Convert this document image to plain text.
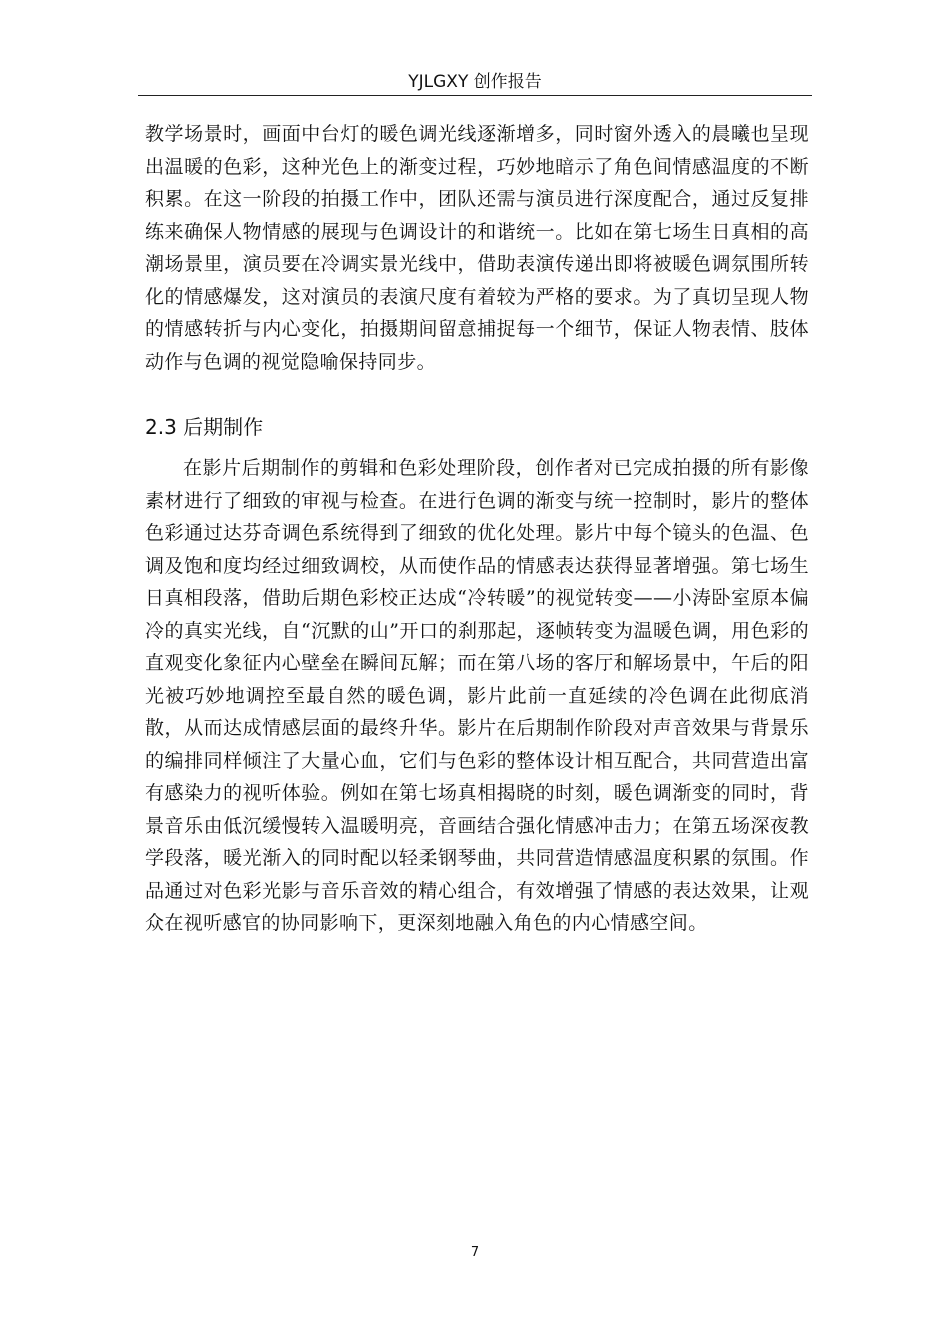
YJLGXY 创作报告

教学场景时，画面中台灯的暖色调光线逐渐增多，同时窗外透入的晨曦也呈现出温暖的色彩，这种光色上的渐变过程，巧妙地暗示了角色间情感温度的不断积累。在这一阶段的拍摄工作中，团队还需与演员进行深度配合，通过反复排练来确保人物情感的展现与色调设计的和谐统一。比如在第七场生日真相的高潮场景里，演员要在冷调实景光线中，借助表演传递出即将被暖色调氛围所转化的情感爆发，这对演员的表演尺度有着较为严格的要求。为了真切呈现人物的情感转折与内心变化，拍摄期间留意捕捉每一个细节，保证人物表情、肢体动作与色调的视觉隐喻保持同步。

2.3 后期制作

在影片后期制作的剪辑和色彩处理阶段，创作者对已完成拍摄的所有影像素材进行了细致的审视与检查。在进行色调的渐变与统一控制时，影片的整体色彩通过达芬奇调色系统得到了细致的优化处理。影片中每个镜头的色温、色调及饱和度均经过细致调校，从而使作品的情感表达获得显著增强。第七场生日真相段落，借助后期色彩校正达成“冷转暖”的视觉转变——小涛卧室原本偏冷的真实光线，自“沉默的山”开口的刹那起，逐帧转变为温暖色调，用色彩的直观变化象征内心壁垒在瞬间瓦解；而在第八场的客厅和解场景中，午后的阳光被巧妙地调控至最自然的暖色调，影片此前一直延续的冷色调在此彻底消散，从而达成情感层面的最终升华。影片在后期制作阶段对声音效果与背景乐的编排同样倾注了大量心血，它们与色彩的整体设计相互配合，共同营造出富有感染力的视听体验。例如在第七场真相揭晓的时刻，暖色调渐变的同时，背景音乐由低沉缓慢转入温暖明亮，音画结合强化情感冲击力；在第五场深夜教学段落，暖光渐入的同时配以轻柔钢琴曲，共同营造情感温度积累的氛围。作品通过对色彩光影与音乐音效的精心组合，有效增强了情感的表达效果，让观众在视听感官的协同影响下，更深刻地融入角色的内心情感空间。

7
